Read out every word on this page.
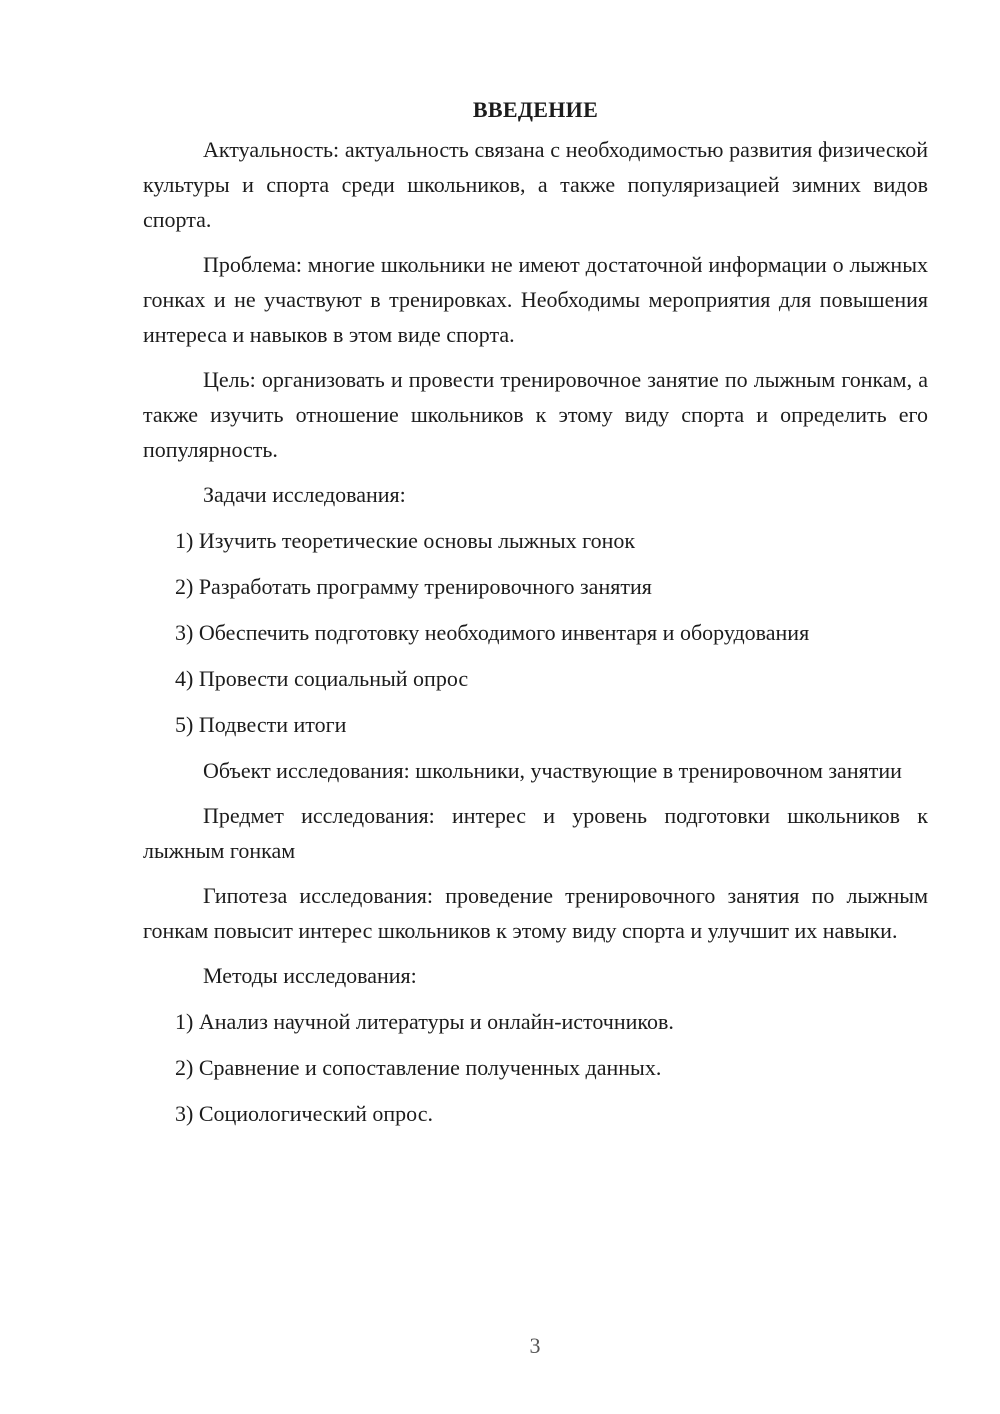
ВВЕДЕНИЕ

Актуальность: актуальность связана с необходимостью развития физической культуры и спорта среди школьников, а также популяризацией зимних видов спорта.

Проблема: многие школьники не имеют достаточной информации о лыжных гонках и не участвуют в тренировках. Необходимы мероприятия для повышения интереса и навыков в этом виде спорта.

Цель: организовать и провести тренировочное занятие по лыжным гонкам, а также изучить отношение школьников к этому виду спорта и определить его популярность.

Задачи исследования:

1) Изучить теоретические основы лыжных гонок
2) Разработать программу тренировочного занятия
3) Обеспечить подготовку необходимого инвентаря и оборудования
4) Провести социальный опрос
5) Подвести итоги

Объект исследования: школьники, участвующие в тренировочном занятии

Предмет исследования: интерес и уровень подготовки школьников к лыжным гонкам

Гипотеза исследования: проведение тренировочного занятия по лыжным гонкам повысит интерес школьников к этому виду спорта и улучшит их навыки.

Методы исследования:

1) Анализ научной литературы и онлайн-источников.
2) Сравнение и сопоставление полученных данных.
3) Социологический опрос.
3
